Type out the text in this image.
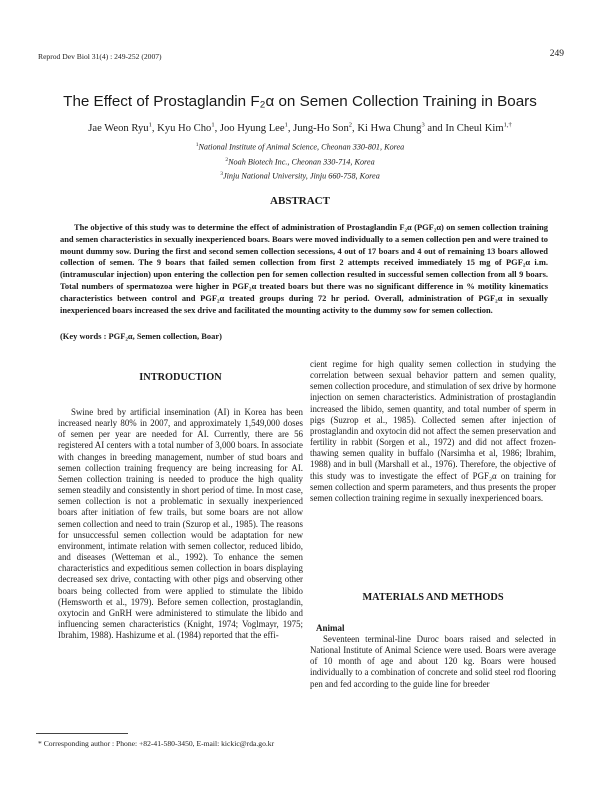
Reprod Dev Biol 31(4) : 249-252 (2007)	249
The Effect of Prostaglandin F₂α on Semen Collection Training in Boars
Jae Weon Ryu$^1$, Kyu Ho Cho$^1$, Joo Hyung Lee$^1$, Jung-Ho Son$^2$, Ki Hwa Chung$^3$ and In Cheul Kim$^{1,\dagger}$
$^1$National Institute of Animal Science, Cheonan 330-801, Korea
$^2$Noah Biotech Inc., Cheonan 330-714, Korea
$^3$Jinju National University, Jinju 660-758, Korea
ABSTRACT
The objective of this study was to determine the effect of administration of Prostaglandin F₂α (PGF₂α) on semen collection training and semen characteristics in sexually inexperienced boars. Boars were moved individually to a semen collection pen and were trained to mount dummy sow. During the first and second semen collection secessions, 4 out of 17 boars and 4 out of remaining 13 boars allowed collection of semen. The 9 boars that failed semen collection from first 2 attempts received immediately 15 mg of PGF₂α i.m. (intramuscular injection) upon entering the collection pen for semen collection resulted in successful semen collection from all 9 boars. Total numbers of spermatozoa were higher in PGF₂α treated boars but there was no significant difference in % motility kinematics characteristics between control and PGF₂α treated groups during 72 hr period. Overall, administration of PGF₂α in sexually inexperienced boars increased the sex drive and facilitated the mounting activity to the dummy sow for semen collection.
(Key words : PGF₂α, Semen collection, Boar)
INTRODUCTION
Swine bred by artificial insemination (AI) in Korea has been increased nearly 80% in 2007, and approximately 1,549,000 doses of semen per year are needed for AI. Currently, there are 56 registered AI centers with a total number of 3,000 boars. In associate with changes in breeding management, number of stud boars and semen collection training frequency are being increasing for AI. Semen collection training is needed to produce the high quality semen steadily and consistently in short period of time. In most case, semen collection is not a problematic in sexually inexperienced boars after initiation of few trails, but some boars are not allow semen collection and need to train (Szurop et al., 1985). The reasons for unsuccessful semen collection would be adaptation for new environment, intimate relation with semen collector, reduced libido, and diseases (Wetteman et al., 1992). To enhance the semen characteristics and expeditious semen collection in boars displaying decreased sex drive, contacting with other pigs and observing other boars being collected from were applied to stimulate the libido (Hemsworth et al., 1979). Before semen collection, prostaglandin, oxytocin and GnRH were administered to stimulate the libido and influencing semen characteristics (Knight, 1974; Voglmayr, 1975; Ibrahim, 1988). Hashizume et al. (1984) reported that the effi-
cient regime for high quality semen collection in studying the correlation between sexual behavior pattern and semen quality, semen collection procedure, and stimulation of sex drive by hormone injection on semen characteristics. Administration of prostaglandin increased the libido, semen quantity, and total number of sperm in pigs (Suzrop et al., 1985). Collected semen after injection of prostaglandin and oxytocin did not affect the semen preservation and fertility in rabbit (Sorgen et al., 1972) and did not affect frozen-thawing semen quality in buffalo (Narsimha et al, 1986; Ibrahim, 1988) and in bull (Marshall et al., 1976). Therefore, the objective of this study was to investigate the effect of PGF₂α on training for semen collection and sperm parameters, and thus presents the proper semen collection training regime in sexually inexperienced boars.
MATERIALS AND METHODS
Animal
Seventeen terminal-line Duroc boars raised and selected in National Institute of Animal Science were used. Boars were average of 10 month of age and about 120 kg. Boars were housed individually to a combination of concrete and solid steel rod flooring pen and fed according to the guide line for breeder
* Corresponding author : Phone: +82-41-580-3450, E-mail: kickic@rda.go.kr
